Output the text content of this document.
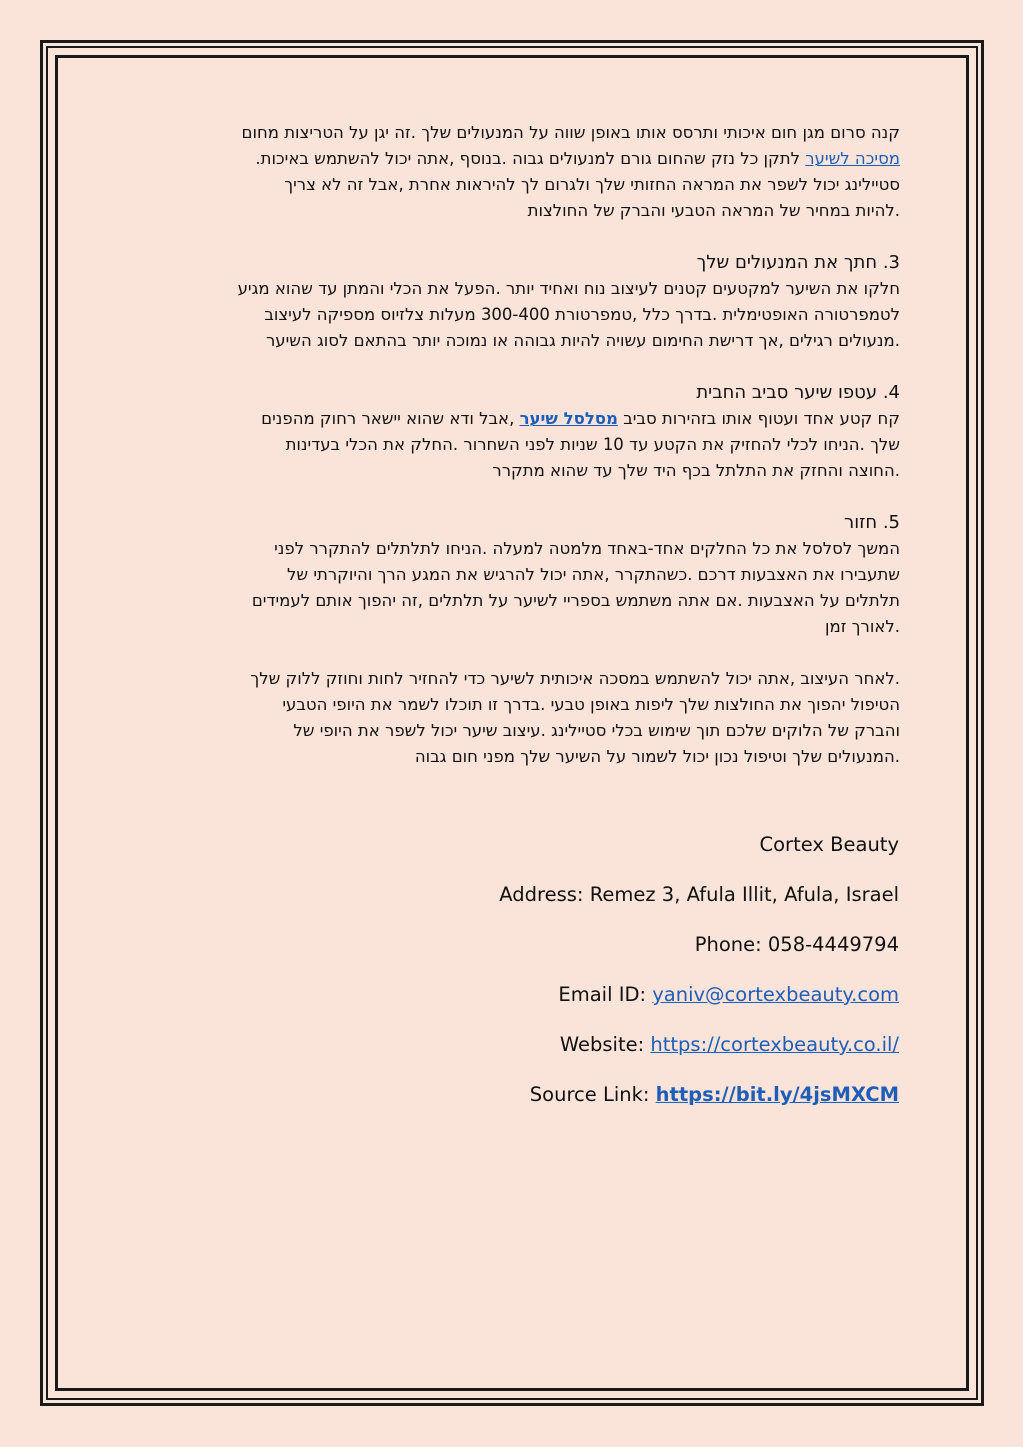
קנה סרום מגן חום איכותי ותרסס אותו באופן שווה על המנעולים שלך .זה יגן על הטריצות מחום

מסיכה לשיער לתקן כל נזק שהחום גורם למנעולים גבוה .בנוסף ,אתה יכול להשתמש באיכות.

סטיילינג יכול לשפר את המראה החזותי שלך ולגרום לך להיראות אחרת ,אבל זה לא צריך

.להיות במחיר של המראה הטבעי והברק של החולצות

3. חתך את המנעולים שלך

חלקו את השיער למקטעים קטנים לעיצוב נוח ואחיד יותר .הפעל את הכלי והמתן עד שהוא מגיע

לטמפרטורה האופטימלית .בדרך כלל ,טמפרטורת 300-400 מעלות צלזיוס מספיקה לעיצוב

.מנעולים רגילים ,אך דרישת החימום עשויה להיות גבוהה או נמוכה יותר בהתאם לסוג השיער

4. עטפו שיער סביב החבית

קח קטע אחד ועטוף אותו בזהירות סביב מסלסל שיער ,אבל ודא שהוא יישאר רחוק מהפנים

שלך .הניחו לכלי להחזיק את הקטע עד 10 שניות לפני השחרור .החלק את הכלי בעדינות

.החוצה והחזק את התלתל בכף היד שלך עד שהוא מתקרר

5. חזור

המשך לסלסל את כל החלקים אחד-באחד מלמטה למעלה .הניחו לתלתלים להתקרר לפני

שתעבירו את האצבעות דרכם .כשהתקרר ,אתה יכול להרגיש את המגע הרך והיוקרתי של

תלתלים על האצבעות .אם אתה משתמש בספריי לשיער על תלתלים ,זה יהפוך אותם לעמידים

.לאורך זמן

.לאחר העיצוב ,אתה יכול להשתמש במסכה איכותית לשיער כדי להחזיר לחות וחוזק ללוק שלך

הטיפול יהפוך את החולצות שלך ליפות באופן טבעי .בדרך זו תוכלו לשמר את היופי הטבעי

והברק של הלוקים שלכם תוך שימוש בכלי סטיילינג .עיצוב שיער יכול לשפר את היופי של

.המנעולים שלך וטיפול נכון יכול לשמור על השיער שלך מפני חום גבוה

Cortex Beauty
Address: Remez 3, Afula Illit, Afula, Israel
Phone: 058-4449794
Email ID: yaniv@cortexbeauty.com
Website: https://cortexbeauty.co.il/
Source Link: https://bit.ly/4jsMXCM
